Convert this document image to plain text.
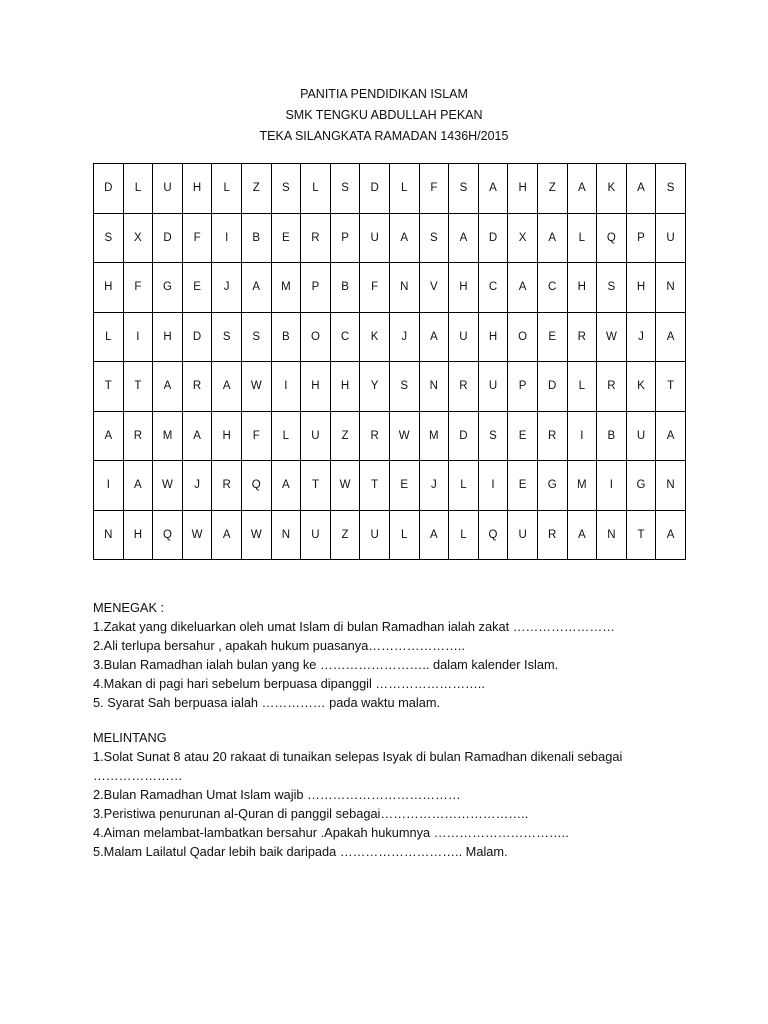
PANITIA PENDIDIKAN ISLAM
SMK TENGKU ABDULLAH PEKAN
TEKA SILANGKATA RAMADAN 1436H/2015
D	L	U	H	L	Z	S	L	S	D	L	F	S	A	H	Z	A	K	A	S
S	X	D	F	I	B	E	R	P	U	A	S	A	D	X	A	L	Q	P	U
H	F	G	E	J	A	M	P	B	F	N	V	H	C	A	C	H	S	H	N
L	I	H	D	S	S	B	O	C	K	J	A	U	H	O	E	R	W	J	A
T	T	A	R	A	W	I	H	H	Y	S	N	R	U	P	D	L	R	K	T
A	R	M	A	H	F	L	U	Z	R	W	M	D	S	E	R	I	B	U	A
I	A	W	J	R	Q	A	T	W	T	E	J	L	I	E	G	M	I	G	N
N	H	Q	W	A	W	N	U	Z	U	L	A	L	Q	U	R	A	N	T	A
MENEGAK :
1.Zakat yang dikeluarkan oleh umat Islam di bulan Ramadhan ialah zakat ……………………
2.Ali terlupa bersahur , apakah hukum puasanya…………………..
3.Bulan Ramadhan ialah bulan yang ke …………………….. dalam kalender Islam.
4.Makan di pagi hari sebelum berpuasa dipanggil ……………………..
5. Syarat Sah berpuasa ialah …………… pada waktu malam.
MELINTANG
1.Solat Sunat 8 atau 20 rakaat di tunaikan selepas Isyak di bulan Ramadhan dikenali sebagai
…………………
2.Bulan Ramadhan Umat Islam wajib ………………………………
3.Peristiwa penurunan al-Quran di panggil sebagai……………………………..
4.Aiman melambat-lambatkan bersahur .Apakah hukumnya …………………………..
5.Malam Lailatul Qadar lebih baik daripada ……………………….. Malam.
